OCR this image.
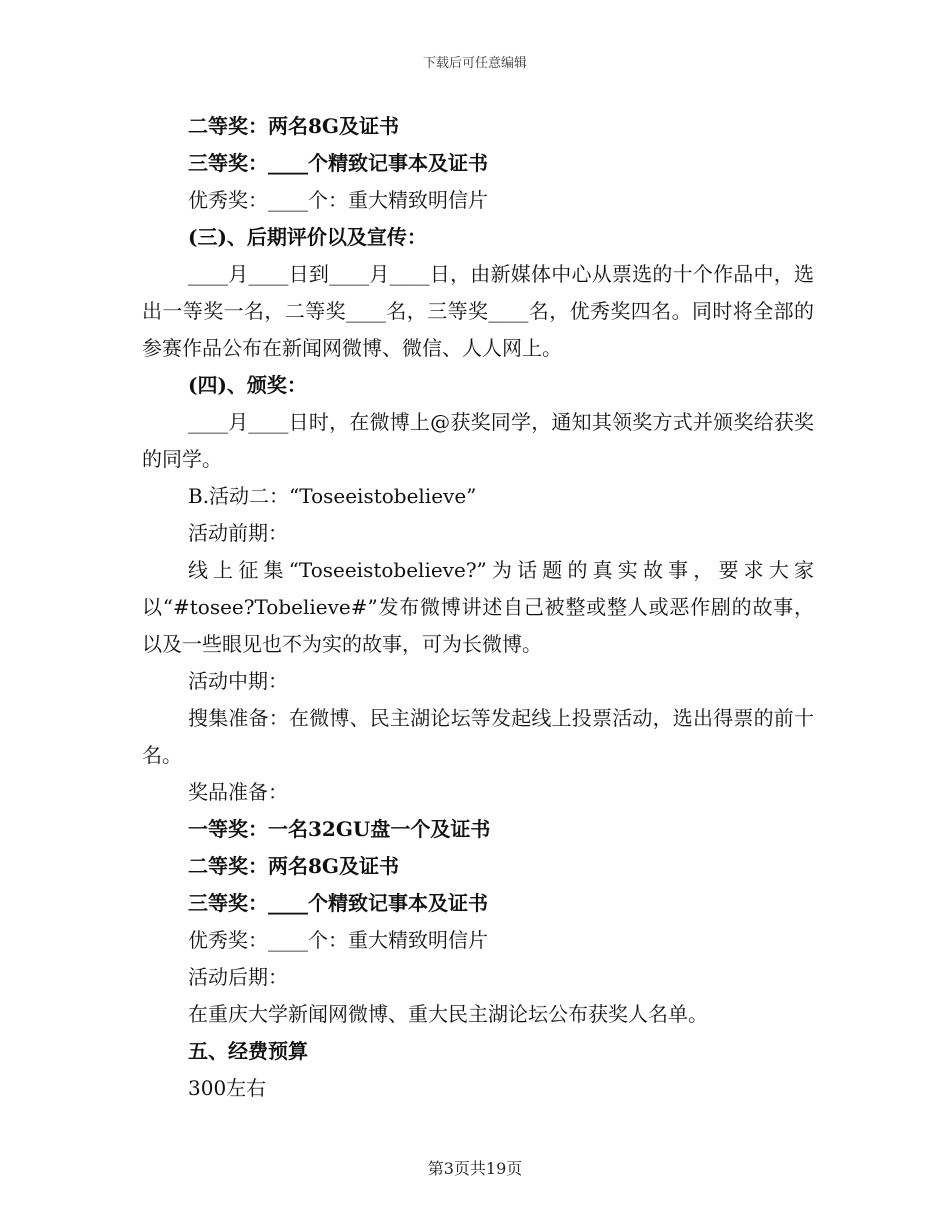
下载后可任意编辑

二等奖：两名8G及证书

三等奖：____个精致记事本及证书

优秀奖：____个：重大精致明信片

(三)、后期评价以及宣传：

____月____日到____月____日，由新媒体中心从票选的十个作品中，选出一等奖一名，二等奖____名，三等奖____名，优秀奖四名。同时将全部的参赛作品公布在新闻网微博、微信、人人网上。

(四)、颁奖：

____月____日时，在微博上@获奖同学，通知其领奖方式并颁奖给获奖的同学。

B.活动二：“Toseeistobelieve”

活动前期：

线上征集“Toseeistobelieve?”为话题的真实故事，要求大家以“#tosee?Tobelieve#”发布微博讲述自己被整或整人或恶作剧的故事，以及一些眼见也不为实的故事，可为长微博。

活动中期：

搜集准备：在微博、民主湖论坛等发起线上投票活动，选出得票的前十名。

奖品准备：

一等奖：一名32GU盘一个及证书

二等奖：两名8G及证书

三等奖：____个精致记事本及证书

优秀奖：____个：重大精致明信片

活动后期：

在重庆大学新闻网微博、重大民主湖论坛公布获奖人名单。

五、经费预算

300左右

第3页共19页
